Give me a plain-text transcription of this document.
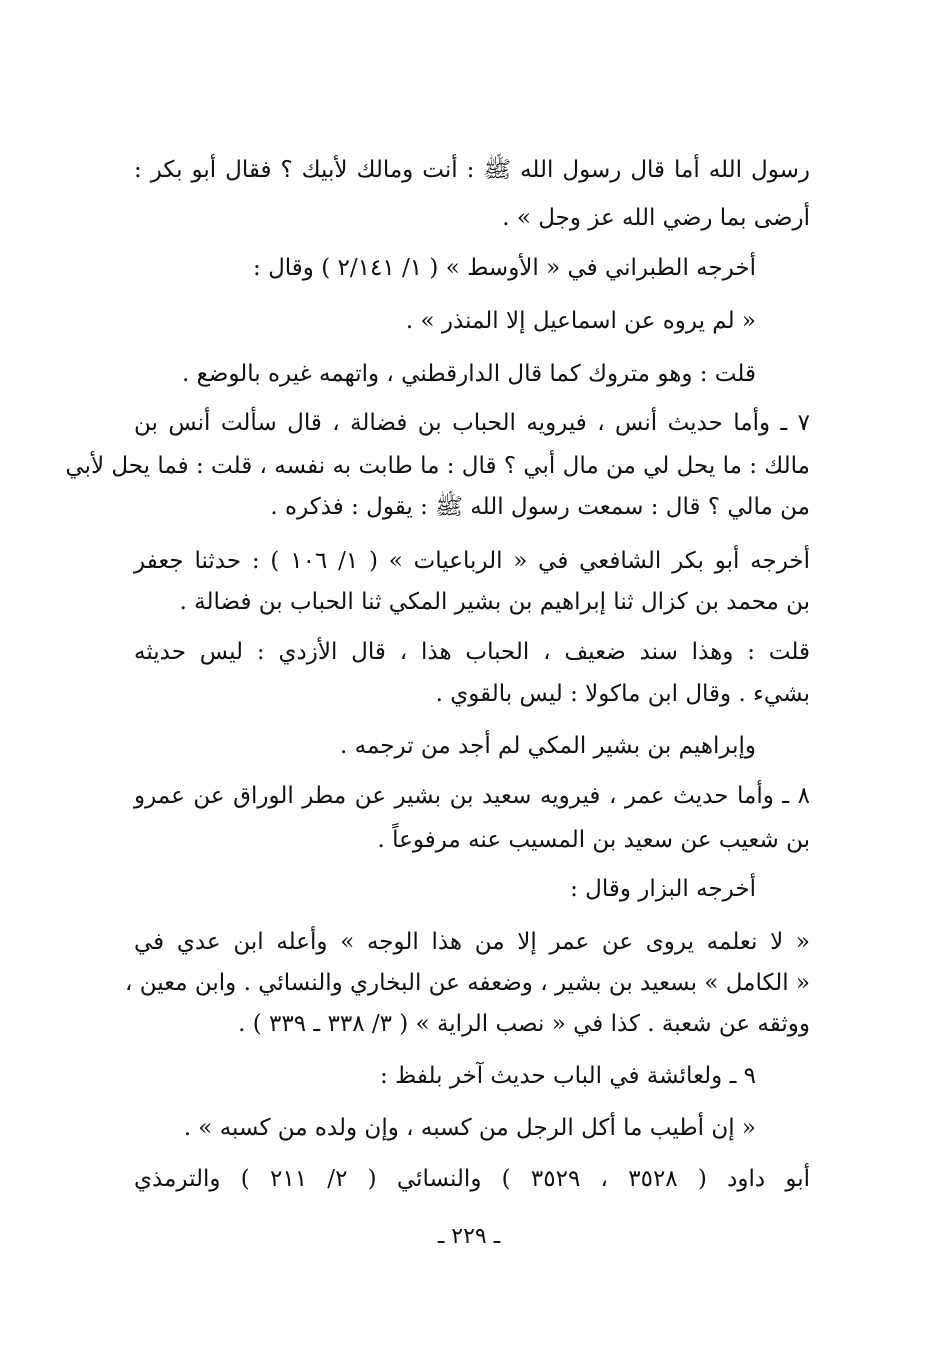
رسول الله أما قال رسول الله ﷺ : أنت ومالك لأبيك ؟ فقال أبو بكر :
أرضى بما رضي الله عز وجل » .
أخرجه الطبراني في « الأوسط » ( ١/ ٢/١٤١ ) وقال :
« لم يروه عن اسماعيل إلا المنذر » .
قلت : وهو متروك كما قال الدارقطني ، واتهمه غيره بالوضع .
٧ ـ وأما حديث أنس ، فيرويه الحباب بن فضالة ، قال سألت أنس بن
مالك : ما يحل لي من مال أبي ؟ قال : ما طابت به نفسه ، قلت : فما يحل لأبي
من مالي ؟ قال : سمعت رسول الله ﷺ : يقول : فذكره .
أخرجه أبو بكر الشافعي في « الرباعيات » ( ١/ ١٠٦ ) : حدثنا جعفر
بن محمد بن كزال ثنا إبراهيم بن بشير المكي ثنا الحباب بن فضالة .
قلت : وهذا سند ضعيف ، الحباب هذا ، قال الأزدي : ليس حديثه
بشيء . وقال ابن ماكولا : ليس بالقوي .
وإبراهيم بن بشير المكي لم أجد من ترجمه .
٨ ـ وأما حديث عمر ، فيرويه سعيد بن بشير عن مطر الوراق عن عمرو
بن شعيب عن سعيد بن المسيب عنه مرفوعاً .
أخرجه البزار وقال :
« لا نعلمه يروى عن عمر إلا من هذا الوجه » وأعله ابن عدي في
« الكامل » بسعيد بن بشير ، وضعفه عن البخاري والنسائي . وابن معين ،
ووثقه عن شعبة . كذا في « نصب الراية » ( ٣/ ٣٣٨ ـ ٣٣٩ ) .
٩ ـ ولعائشة في الباب حديث آخر بلفظ :
« إن أطيب ما أكل الرجل من كسبه ، وإن ولده من كسبه » .
أبو داود ( ٣٥٢٨ ، ٣٥٢٩ ) والنسائي ( ٢/ ٢١١ ) والترمذي
ـ ٢٢٩ ـ
